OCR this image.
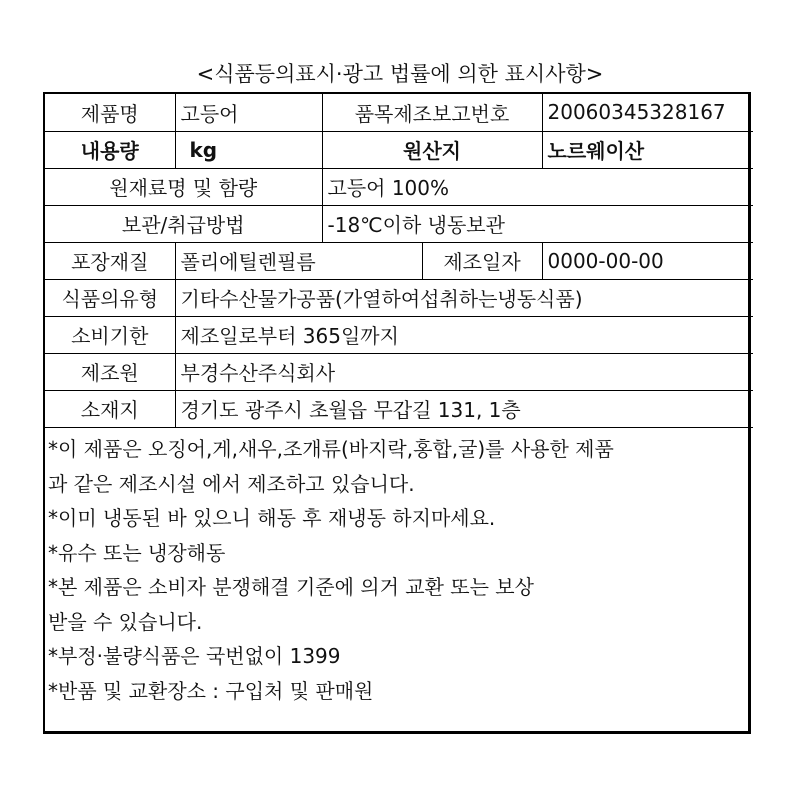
<식품등의표시·광고 법률에 의한 표시사항>
제품명	고등어	품목제조보고번호		20060345328167
내용량	kg	원산지		노르웨이산
원재료명 및 함량		고등어 100%		
보관/취급방법		-18℃이하 냉동보관		
포장재질	폴리에틸렌필름		제조일자	0000-00-00
식품의유형	기타수산물가공품(가열하여섭취하는냉동식품)			
소비기한	제조일로부터 365일까지			
제조원	부경수산주식회사			
소재지	경기도 광주시 초월읍 무갑길 131, 1층			
*이 제품은 오징어,게,새우,조개류(바지락,홍합,굴)를 사용한 제품
과 같은 제조시설 에서 제조하고 있습니다.
*이미 냉동된 바 있으니 해동 후 재냉동 하지마세요.
*유수 또는 냉장해동
*본 제품은 소비자 분쟁해결 기준에 의거 교환 또는 보상
받을 수 있습니다.
*부정·불량식품은 국번없이 1399
*반품 및 교환장소 : 구입처 및 판매원
